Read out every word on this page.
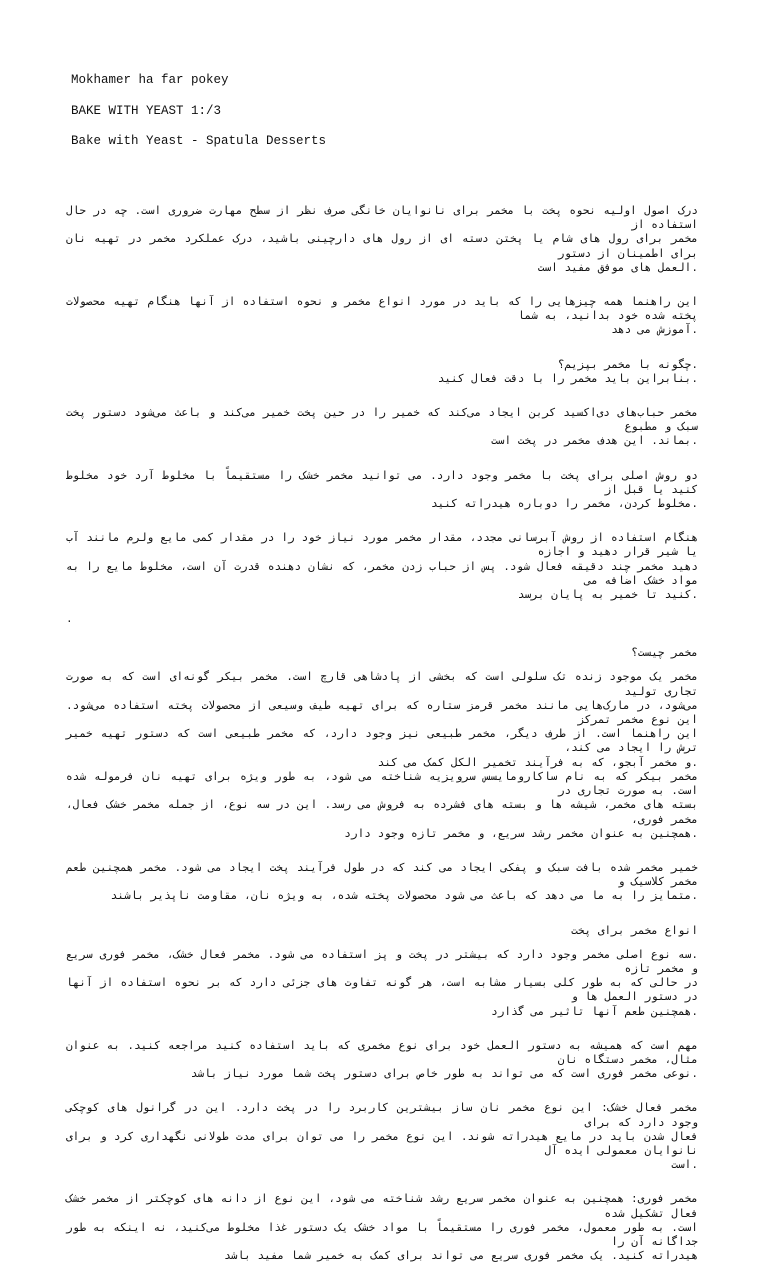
Mokhamer ha far pokey

BAKE WITH YEAST 1:/3

Bake with Yeast - Spatula Desserts

درک اصول اولیه نحوه پخت با مخمر برای نانوایان خانگی صرف نظر از سطح مهارت ضروری است. چه در حال استفاده از
مخمر برای رول های شام یا پختن دسته ای از رول های دارچینی باشید، درک عملکرد مخمر در تهیه نان برای اطمینان از دستور
.العمل های موفق مفید است
این راهنما همه چیزهایی را که باید در مورد انواع مخمر و نحوه استفاده از آنها هنگام تهیه محصولات پخته شده خود بدانید، به شما
.آموزش می دهد
.چگونه با مخمر بپزیم؟
.بنابراین باید مخمر را با دقت فعال کنید
مخمر حباب‌های دی‌اکسید کربن ایجاد می‌کند که خمیر را در حین پخت خمیر می‌کند و باعث می‌شود دستور پخت سبک و مطبوع
.بماند. این هدف مخمر در پخت است
دو روش اصلی برای پخت با مخمر وجود دارد. می توانید مخمر خشک را مستقیماً با مخلوط آرد خود مخلوط کنید یا قبل از
.مخلوط کردن، مخمر را دوباره هیدراته کنید
هنگام استفاده از روش آبرسانی مجدد، مقدار مخمر مورد نیاز خود را در مقدار کمی مایع ولرم مانند آب یا شیر قرار دهید و اجازه
دهید مخمر چند دقیقه فعال شود. پس از حباب زدن مخمر، که نشان دهنده قدرت آن است، مخلوط مایع را به مواد خشک اضافه می
.کنید تا خمیر به پایان برسد
.
مخمر چیست؟
مخمر یک موجود زنده تک سلولی است که بخشی از پادشاهی قارچ است. مخمر بیکر گونه‌ای است که به صورت تجاری تولید
می‌شود، در مارک‌هایی مانند مخمر قرمز ستاره که برای تهیه طیف وسیعی از محصولات پخته استفاده می‌شود. این نوع مخمر تمرکز
این راهنما است. از طرف دیگر، مخمر طبیعی نیز وجود دارد، که مخمر طبیعی است که دستور تهیه خمیر ترش را ایجاد می کند،
.و مخمر آبجو، که به فرآیند تخمیر الکل کمک می کند
مخمر بیکر که به نام ساکارومایسس سرویزیه شناخته می شود، به طور ویژه برای تهیه نان فرموله شده است. به صورت تجاری در
بسته های مخمر، شیشه ها و بسته های فشرده به فروش می رسد. این در سه نوع، از جمله مخمر خشک فعال، مخمر فوری،
.همچنین به عنوان مخمر رشد سریع، و مخمر تازه وجود دارد
خمیر مخمر شده بافت سبک و پفکی ایجاد می کند که در طول فرآیند پخت ایجاد می شود. مخمر همچنین طعم مخمر کلاسیک و
.متمایز را به ما می دهد که باعث می شود محصولات پخته شده، به ویژه نان، مقاومت ناپذیر باشند
انواع مخمر برای پخت
.سه نوع اصلی مخمر وجود دارد که بیشتر در پخت و پز استفاده می شود. مخمر فعال خشک، مخمر فوری سریع و مخمر تازه
در حالی که به طور کلی بسیار مشابه است، هر گونه تفاوت های جزئی دارد که بر نحوه استفاده از آنها در دستور العمل ها و
.همچنین طعم آنها تاثیر می گذارد
مهم است که همیشه به دستور العمل خود برای نوع مخمری که باید استفاده کنید مراجعه کنید. به عنوان مثال، مخمر دستگاه نان
.نوعی مخمر فوری است که می تواند به طور خاص برای دستور پخت شما مورد نیاز باشد
مخمر فعال خشک: این نوع مخمر نان ساز بیشترین کاربرد را در پخت دارد. این در گرانول های کوچکی وجود دارد که برای
فعال شدن باید در مایع هیدراته شوند. این نوع مخمر را می توان برای مدت طولانی نگهداری کرد و برای نانوایان معمولی ایده آل
.است
مخمر فوری: همچنین به عنوان مخمر سریع رشد شناخته می شود، این نوع از دانه های کوچکتر از مخمر خشک فعال تشکیل شده
است. به طور معمول، مخمر فوری را مستقیماً با مواد خشک یک دستور غذا مخلوط می‌کنید، نه اینکه به طور جداگانه آن را
هیدراته کنید. یک مخمر فوری سریع می تواند برای کمک به خمیر شما مفید باشد
